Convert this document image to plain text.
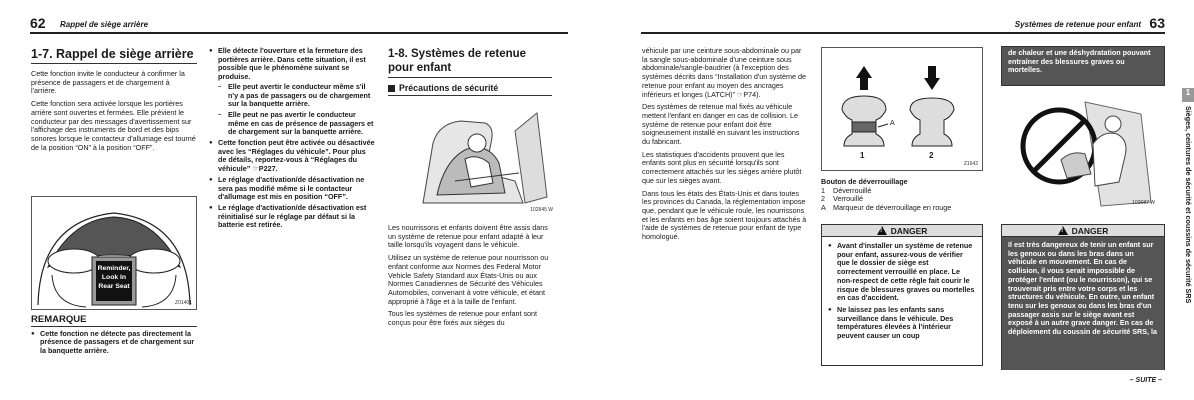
62 Rappel de siège arrière
1-7. Rappel de siège arrière

Cette fonction invite le conducteur à confirmer la présence de passagers et de chargement à l'arrière.

Cette fonction sera activée lorsque les portières arrière sont ouvertes et fermées. Elle prévient le conducteur par des messages d'avertissement sur l'affichage des instruments de bord et des bips sonores lorsque le contacteur d'allumage est tourné de la position “ON” à la position “OFF”.

Reminder,
Look In
Rear Seat
Z01401
REMARQUE
● Cette fonction ne détecte pas directement la présence de passagers et de chargement sur la banquette arrière.
● Elle détecte l'ouverture et la fermeture des portières arrière. Dans cette situation, il est possible que le phénomène suivant se produise.
– Elle peut avertir le conducteur même s'il n'y a pas de passagers ou de chargement sur la banquette arrière.
– Elle peut ne pas avertir le conducteur même en cas de présence de passagers et de chargement sur la banquette arrière.
● Cette fonction peut être activée ou désactivée avec les “Réglages du véhicule”. Pour plus de détails, reportez-vous à “Réglages du véhicule” ☞P227.
● Le réglage d'activation/de désactivation ne sera pas modifié même si le contacteur d'allumage est mis en position “OFF”.
● Le réglage d'activation/de désactivation est réinitialisé sur le réglage par défaut si la batterie est retirée.
1-8. Systèmes de retenue pour enfant
Précautions de sécurité
102845 W

Les nourrissons et enfants doivent être assis dans un système de retenue pour enfant adapté à leur taille lorsqu'ils voyagent dans le véhicule.

Utilisez un système de retenue pour nourrisson ou enfant conforme aux Normes des Federal Motor Vehicle Safety Standard aux États-Unis ou aux Normes Canadiennes de Sécurité des Véhicules Automobiles, convenant à votre véhicule, et étant approprié à l'âge et à la taille de l'enfant.

Tous les systèmes de retenue pour enfant sont conçus pour être fixés aux sièges du

Systèmes de retenue pour enfant 63

véhicule par une ceinture sous-abdominale ou par la sangle sous-abdominale d'une ceinture sous abdominale/sangle-baudrier (à l'exception des systèmes décrits dans “Installation d'un système de retenue pour enfant au moyen des ancrages inférieurs et longes (LATCH)” ☞P74).

Des systèmes de retenue mal fixés au véhicule mettent l'enfant en danger en cas de collision. Le système de retenue pour enfant doit être soigneusement installé en suivant les instructions du fabricant.

Les statistiques d'accidents prouvent que les enfants sont plus en sécurité lorsqu'ils sont correctement attachés sur les sièges arrière plutôt que sur les sièges avant.

Dans tous les états des États-Unis et dans toutes les provinces du Canada, la réglementation impose que, pendant que le véhicule roule, les nourrissons et les enfants en bas âge soient toujours attachés à l'aide de systèmes de retenue pour enfant de type homologué.

A
1	2
Z1642
Bouton de déverrouillage
1	Déverrouillé
2	Verrouillé
A	Marqueur de déverrouillage en rouge
! DANGER
● Avant d'installer un système de retenue pour enfant, assurez-vous de vérifier que le dossier de siège est correctement verrouillé en place. Le non-respect de cette règle fait courir le risque de blessures graves ou mortelles en cas d'accident.
● Ne laissez pas les enfants sans surveillance dans le véhicule. Des températures élevées à l'intérieur peuvent causer un coup
de chaleur et une déshydratation pouvant entraîner des blessures graves ou mortelles.
102687 W
! DANGER
Il est très dangereux de tenir un enfant sur les genoux ou dans les bras dans un véhicule en mouvement. En cas de collision, il vous serait impossible de protéger l'enfant (ou le nourrisson), qui se trouverait pris entre votre corps et les structures du véhicule. En outre, un enfant tenu sur les genoux ou dans les bras d'un passager assis sur le siège avant est exposé à un autre grave danger. En cas de déploiement du coussin de sécurité SRS, la
– SUITE –
1
Sièges, ceintures de sécurité et coussins de sécurité SRS
